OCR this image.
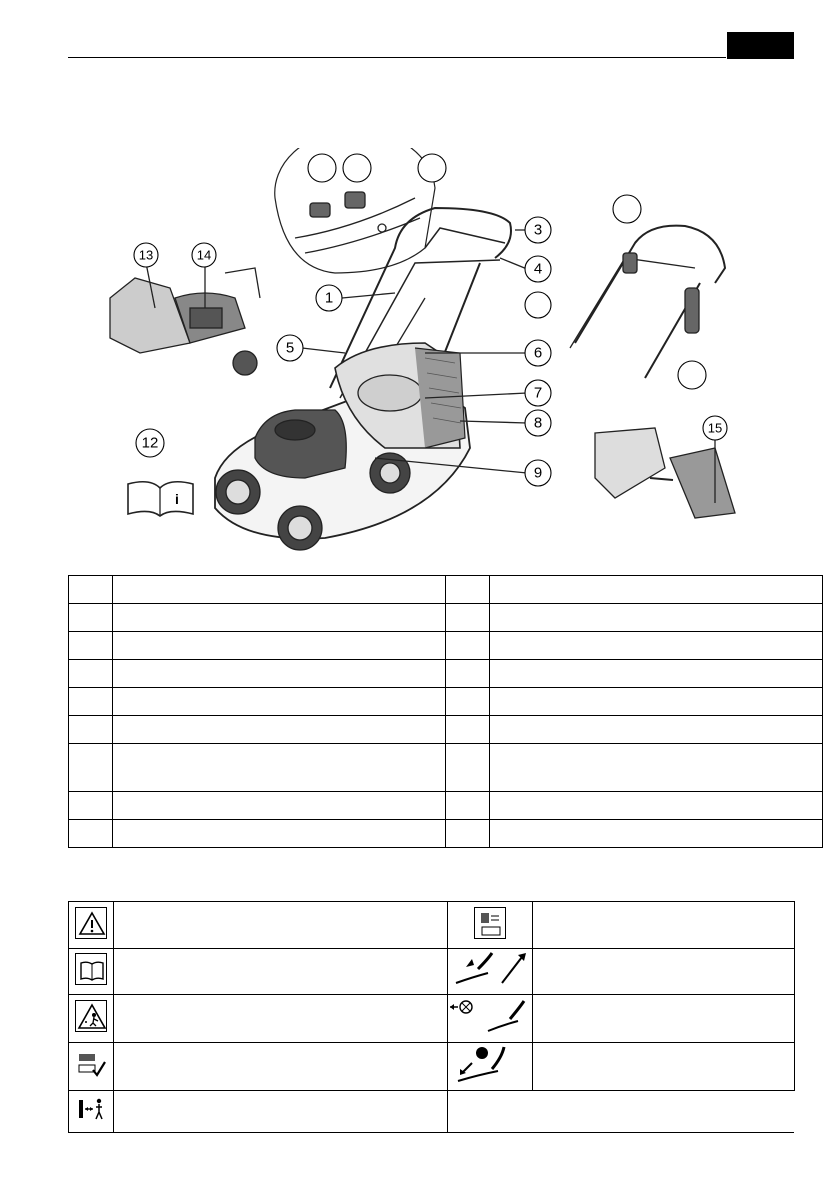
i
1
3
4
5	6
7
8
9
12
13	14
15
